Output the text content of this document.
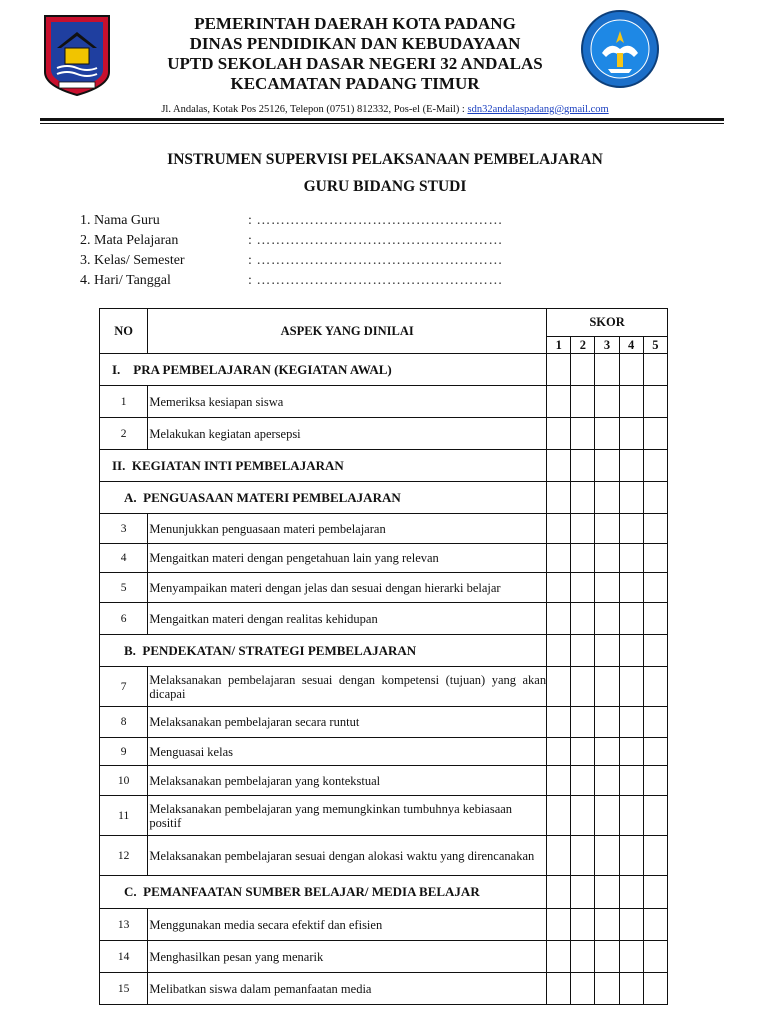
PEMERINTAH DAERAH KOTA PADANG
DINAS PENDIDIKAN DAN KEBUDAYAAN
UPTD SEKOLAH DASAR NEGERI 32 ANDALAS
KECAMATAN PADANG TIMUR
Jl. Andalas, Kotak Pos 25126, Telepon (0751) 812332, Pos-el (E-Mail) : sdn32andalaspadang@gmail.com
INSTRUMEN SUPERVISI PELAKSANAAN PEMBELAJARAN
GURU BIDANG STUDI
1. Nama Guru	: ……………………………………………
2. Mata Pelajaran	: ……………………………………………
3. Kelas/ Semester	: ……………………………………………
4. Hari/ Tanggal	: ……………………………………………
NO	ASPEK YANG DINILAI	SKOR				
		1	2	3	4	5
I.    PRA PEMBELAJARAN (KEGIATAN AWAL)						
1	Memeriksa kesiapan siswa					
2	Melakukan kegiatan apersepsi					
II.  KEGIATAN INTI PEMBELAJARAN						
A.  PENGUASAAN MATERI PEMBELAJARAN						
3	Menunjukkan penguasaan materi pembelajaran					
4	Mengaitkan materi dengan pengetahuan lain yang relevan					
5	Menyampaikan materi dengan jelas dan sesuai dengan hierarki belajar					
6	Mengaitkan materi dengan realitas kehidupan					
B.  PENDEKATAN/ STRATEGI PEMBELAJARAN						
7	Melaksanakan pembelajaran sesuai dengan kompetensi (tujuan) yang akan dicapai					
8	Melaksanakan pembelajaran secara runtut					
9	Menguasai kelas					
10	Melaksanakan pembelajaran yang kontekstual					
11	Melaksanakan pembelajaran yang memungkinkan tumbuhnya kebiasaan positif					
12	Melaksanakan pembelajaran sesuai dengan alokasi waktu yang direncanakan					
C.  PEMANFAATAN SUMBER BELAJAR/ MEDIA BELAJAR						
13	Menggunakan media secara efektif dan efisien					
14	Menghasilkan pesan yang menarik					
15	Melibatkan siswa dalam pemanfaatan media					
